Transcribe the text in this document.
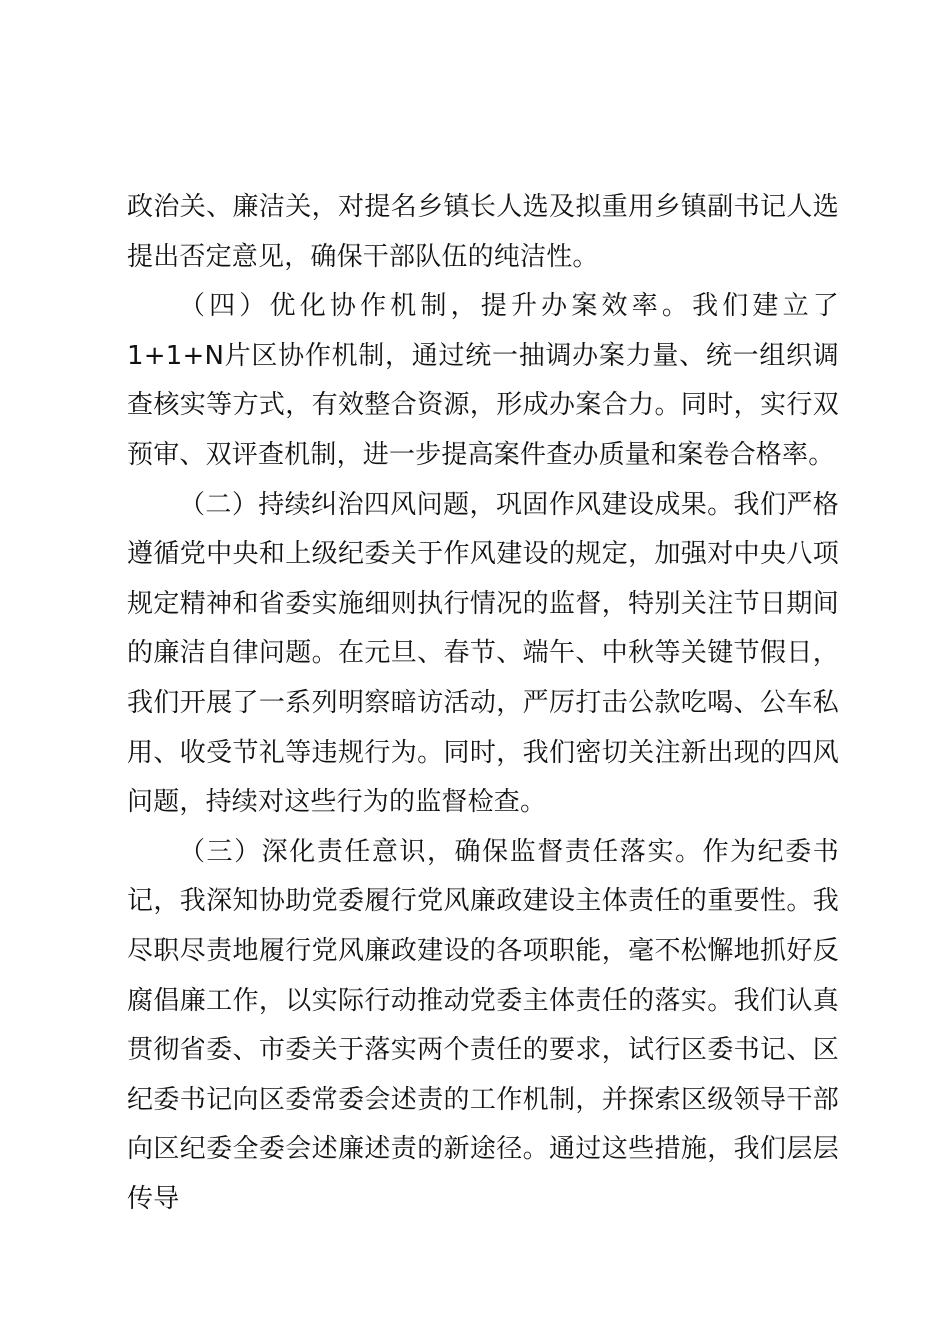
政治关、廉洁关，对提名乡镇长人选及拟重用乡镇副书记人选提出否定意见，确保干部队伍的纯洁性。

（四）优化协作机制，提升办案效率。我们建立了1+1+N片区协作机制，通过统一抽调办案力量、统一组织调查核实等方式，有效整合资源，形成办案合力。同时，实行双预审、双评查机制，进一步提高案件查办质量和案卷合格率。

（二）持续纠治四风问题，巩固作风建设成果。我们严格遵循党中央和上级纪委关于作风建设的规定，加强对中央八项规定精神和省委实施细则执行情况的监督，特别关注节日期间的廉洁自律问题。在元旦、春节、端午、中秋等关键节假日，我们开展了一系列明察暗访活动，严厉打击公款吃喝、公车私用、收受节礼等违规行为。同时，我们密切关注新出现的四风问题，持续对这些行为的监督检查。

（三）深化责任意识，确保监督责任落实。作为纪委书记，我深知协助党委履行党风廉政建设主体责任的重要性。我尽职尽责地履行党风廉政建设的各项职能，毫不松懈地抓好反腐倡廉工作，以实际行动推动党委主体责任的落实。我们认真贯彻省委、市委关于落实两个责任的要求，试行区委书记、区纪委书记向区委常委会述责的工作机制，并探索区级领导干部向区纪委全委会述廉述责的新途径。通过这些措施，我们层层传导
